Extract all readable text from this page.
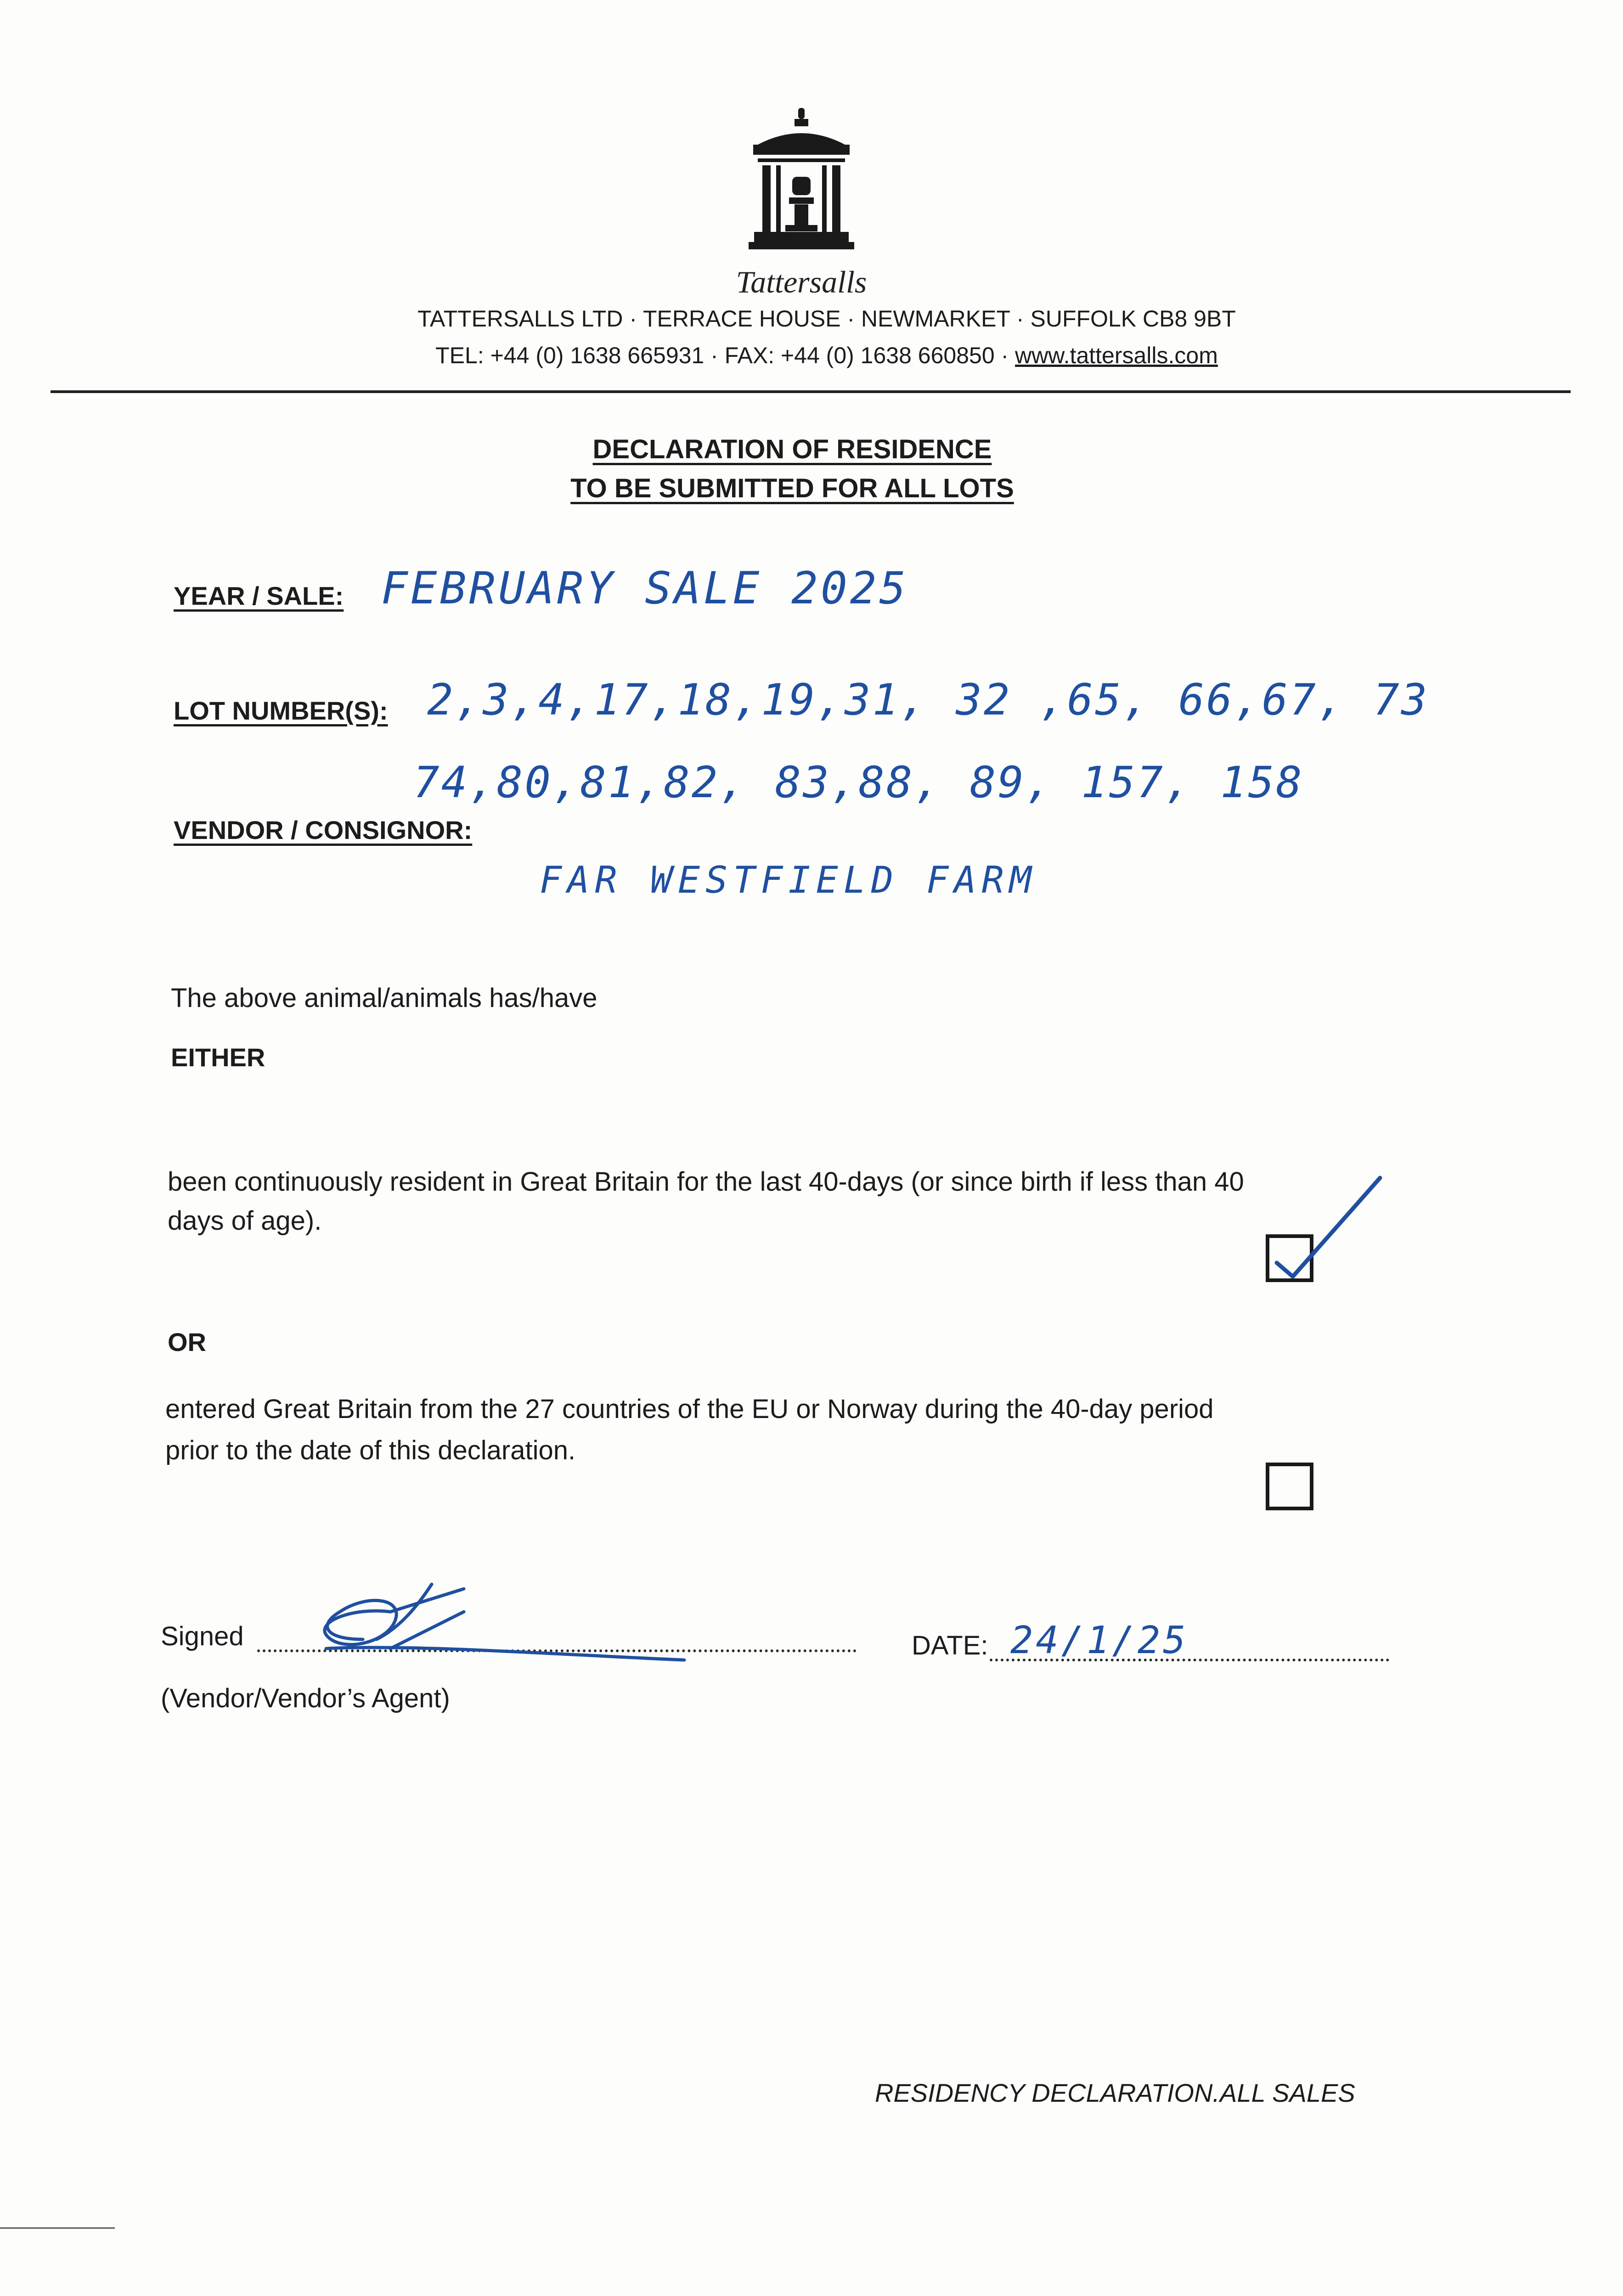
Tattersalls
TATTERSALLS LTD · TERRACE HOUSE · NEWMARKET · SUFFOLK CB8 9BT
TEL: +44 (0) 1638 665931 · FAX: +44 (0) 1638 660850 · www.tattersalls.com
DECLARATION OF RESIDENCE
TO BE SUBMITTED FOR ALL LOTS
YEAR / SALE: FEBRUARY SALE 2025
LOT NUMBER(S): 2,3,4,17,18,19,31, 32 ,65, 66,67, 73
74,80,81,82, 83,88, 89, 157, 158
VENDOR / CONSIGNOR:
FAR WESTFIELD FARM
The above animal/animals has/have
EITHER
been continuously resident in Great Britain for the last 40-days (or since birth if less than 40
days of age).
OR
entered Great Britain from the 27 countries of the EU or Norway during the 40-day period
prior to the date of this declaration.
Signed
(Vendor/Vendor’s Agent)
DATE: 24/1/25
RESIDENCY DECLARATION.ALL SALES
